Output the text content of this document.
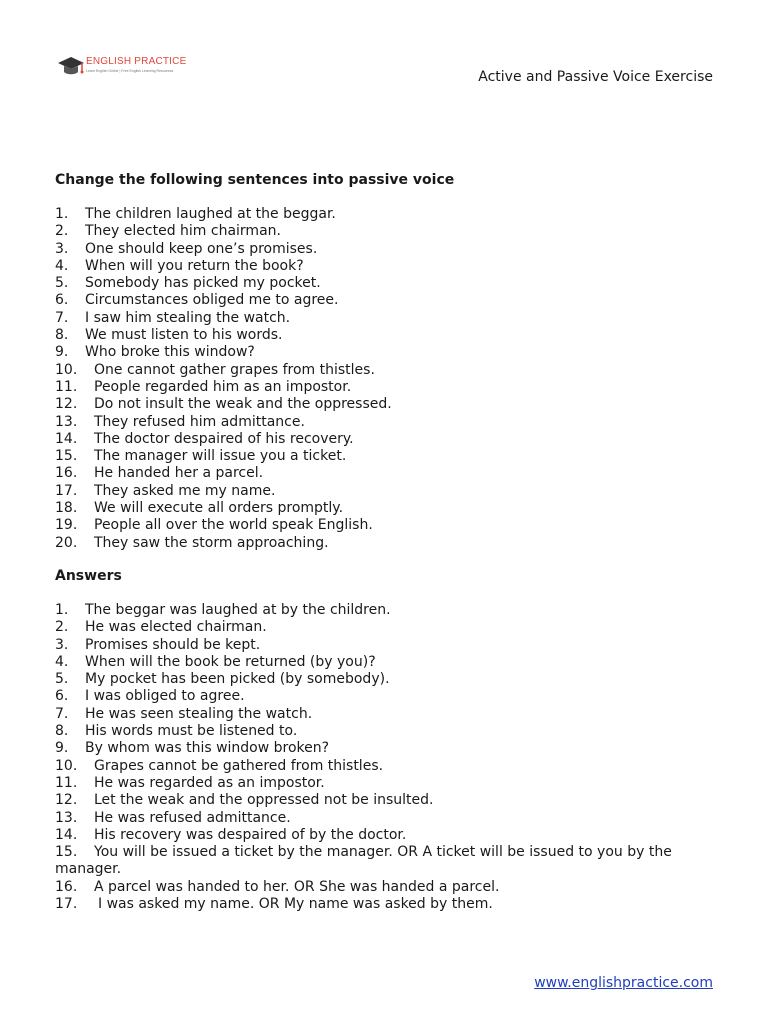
ENGLISH PRACTICE
Learn English Online | Free English Learning Resources	Active and Passive Voice Exercise
Change the following sentences into passive voice
1. The children laughed at the beggar.
2. They elected him chairman.
3. One should keep one’s promises.
4. When will you return the book?
5. Somebody has picked my pocket.
6. Circumstances obliged me to agree.
7. I saw him stealing the watch.
8. We must listen to his words.
9. Who broke this window?
10. One cannot gather grapes from thistles.
11. People regarded him as an impostor.
12. Do not insult the weak and the oppressed.
13. They refused him admittance.
14. The doctor despaired of his recovery.
15. The manager will issue you a ticket.
16. He handed her a parcel.
17. They asked me my name.
18. We will execute all orders promptly.
19. People all over the world speak English.
20. They saw the storm approaching.
Answers
1. The beggar was laughed at by the children.
2. He was elected chairman.
3. Promises should be kept.
4. When will the book be returned (by you)?
5. My pocket has been picked (by somebody).
6. I was obliged to agree.
7. He was seen stealing the watch.
8. His words must be listened to.
9. By whom was this window broken?
10. Grapes cannot be gathered from thistles.
11. He was regarded as an impostor.
12. Let the weak and the oppressed not be insulted.
13. He was refused admittance.
14. His recovery was despaired of by the doctor.
15. You will be issued a ticket by the manager. OR A ticket will be issued to you by the manager.
16. A parcel was handed to her. OR She was handed a parcel.
17. I was asked my name. OR My name was asked by them.
www.englishpractice.com
